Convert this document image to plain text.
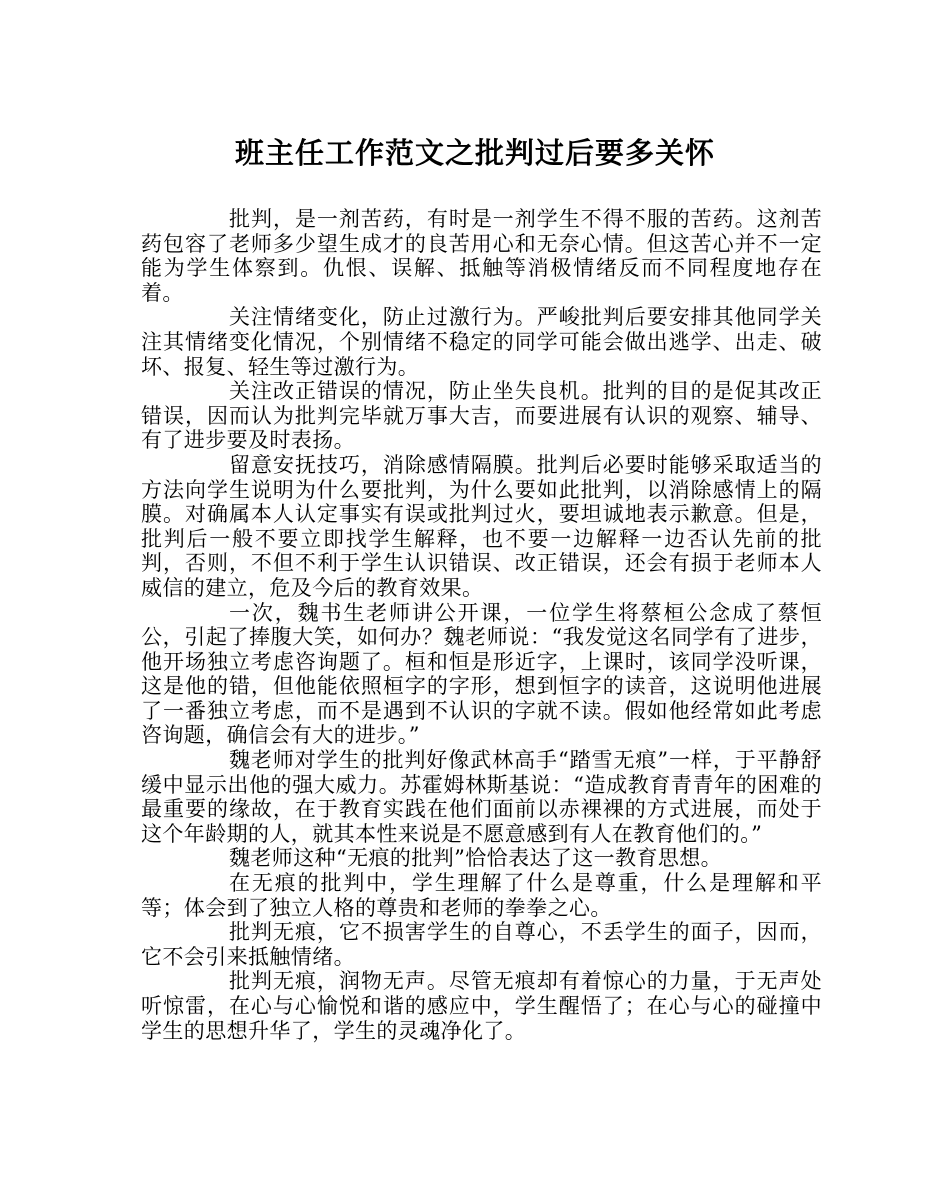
班主任工作范文之批判过后要多关怀

批判，是一剂苦药，有时是一剂学生不得不服的苦药。这剂苦药包容了老师多少望生成才的良苦用心和无奈心情。但这苦心并不一定能为学生体察到。仇恨、误解、抵触等消极情绪反而不同程度地存在着。

关注情绪变化，防止过激行为。严峻批判后要安排其他同学关注其情绪变化情况，个别情绪不稳定的同学可能会做出逃学、出走、破坏、报复、轻生等过激行为。

关注改正错误的情况，防止坐失良机。批判的目的是促其改正错误，因而认为批判完毕就万事大吉，而要进展有认识的观察、辅导、有了进步要及时表扬。

留意安抚技巧，消除感情隔膜。批判后必要时能够采取适当的方法向学生说明为什么要批判，为什么要如此批判，以消除感情上的隔膜。对确属本人认定事实有误或批判过火，要坦诚地表示歉意。但是，批判后一般不要立即找学生解释，也不要一边解释一边否认先前的批判，否则，不但不利于学生认识错误、改正错误，还会有损于老师本人威信的建立，危及今后的教育效果。

一次，魏书生老师讲公开课，一位学生将蔡桓公念成了蔡恒公，引起了捧腹大笑，如何办？魏老师说：“我发觉这名同学有了进步，他开场独立考虑咨询题了。桓和恒是形近字，上课时，该同学没听课，这是他的错，但他能依照桓字的字形，想到恒字的读音，这说明他进展了一番独立考虑，而不是遇到不认识的字就不读。假如他经常如此考虑咨询题，确信会有大的进步。”

魏老师对学生的批判好像武林高手“踏雪无痕”一样，于平静舒缓中显示出他的强大威力。苏霍姆林斯基说：“造成教育青青年的困难的最重要的缘故，在于教育实践在他们面前以赤裸裸的方式进展，而处于这个年龄期的人，就其本性来说是不愿意感到有人在教育他们的。”

魏老师这种“无痕的批判”恰恰表达了这一教育思想。

在无痕的批判中，学生理解了什么是尊重，什么是理解和平等；体会到了独立人格的尊贵和老师的拳拳之心。

批判无痕，它不损害学生的自尊心，不丢学生的面子，因而，它不会引来抵触情绪。

批判无痕，润物无声。尽管无痕却有着惊心的力量，于无声处听惊雷，在心与心愉悦和谐的感应中，学生醒悟了；在心与心的碰撞中学生的思想升华了，学生的灵魂净化了。
